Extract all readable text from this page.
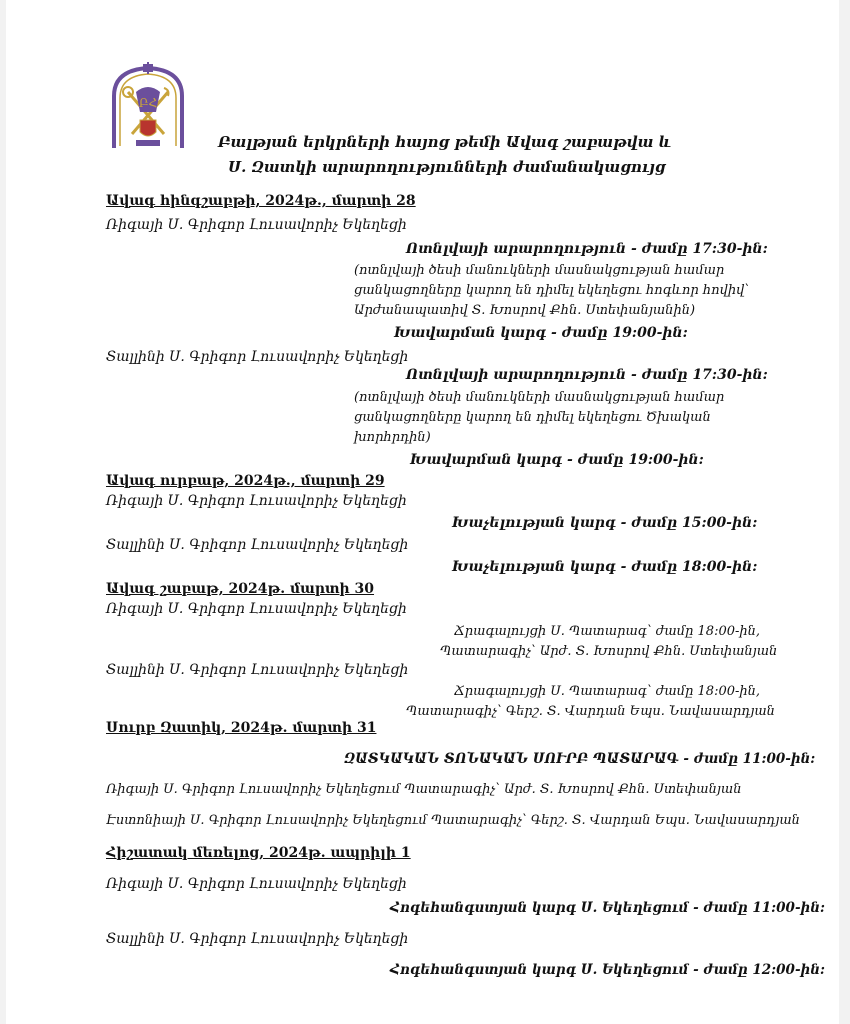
ԲՀ
Բալթյան երկրների հայոց թեմի Ավագ շաբաթվա և
Ս. Զատկի արարողությունների ժամանակացույց
Ավագ հինգշաբթի, 2024թ., մարտի 28
Ռիգայի Ս. Գրիգոր Լուսավորիչ Եկեղեցի
Ոտնլվայի արարողություն - ժամը 17:30-ին:
(ոտնլվայի ծեսի մանուկների մասնակցության համար
ցանկացողները կարող են դիմել եկեղեցու հոգևոր հովիվ՝
Արժանապատիվ Տ. Խոսրով Քհն. Ստեփանյանին)
Խավարման կարգ - ժամը 19:00-ին:
Տալլինի Ս. Գրիգոր Լուսավորիչ Եկեղեցի
Ոտնլվայի արարողություն - ժամը 17:30-ին:
(ոտնլվայի ծեսի մանուկների մասնակցության համար
ցանկացողները կարող են դիմել եկեղեցու Ծխական
խորհրդին)
Խավարման կարգ - ժամը 19:00-ին:
Ավագ ուրբաթ, 2024թ., մարտի 29
Ռիգայի Ս. Գրիգոր Լուսավորիչ Եկեղեցի
Խաչելության կարգ - ժամը 15:00-ին:
Տալլինի Ս. Գրիգոր Լուսավորիչ Եկեղեցի
Խաչելության կարգ - ժամը 18:00-ին:
Ավագ շաբաթ, 2024թ. մարտի 30
Ռիգայի Ս. Գրիգոր Լուսավորիչ Եկեղեցի
Ճրագալույցի Ս. Պատարագ՝ ժամը 18:00-ին,
Պատարագիչ՝ Արժ. Տ. Խոսրով Քհն. Ստեփանյան
Տալլինի Ս. Գրիգոր Լուսավորիչ Եկեղեցի
Ճրագալույցի Ս. Պատարագ՝ ժամը 18:00-ին,
Պատարագիչ՝ Գերշ. Տ. Վարդան Եպս. Նավասարդյան
Սուրբ Զատիկ, 2024թ. մարտի 31
ԶԱՏԿԱԿԱՆ ՏՈՆԱԿԱՆ ՍՈՒՐԲ ՊԱՏԱՐԱԳ - ժամը 11:00-ին:
Ռիգայի Ս. Գրիգոր Լուսավորիչ Եկեղեցում Պատարագիչ՝ Արժ. Տ. Խոսրով Քհն. Ստեփանյան
Էստոնիայի Ս. Գրիգոր Լուսավորիչ Եկեղեցում Պատարագիչ՝ Գերշ. Տ. Վարդան Եպս. Նավասարդյան
Հիշատակ մեռելոց, 2024թ. ապրիլի 1
Ռիգայի Ս. Գրիգոր Լուսավորիչ Եկեղեցի
Հոգեհանգստյան կարգ Ս. Եկեղեցում - ժամը 11:00-ին:
Տալլինի Ս. Գրիգոր Լուսավորիչ Եկեղեցի
Հոգեհանգստյան կարգ Ս. Եկեղեցում - ժամը 12:00-ին:
